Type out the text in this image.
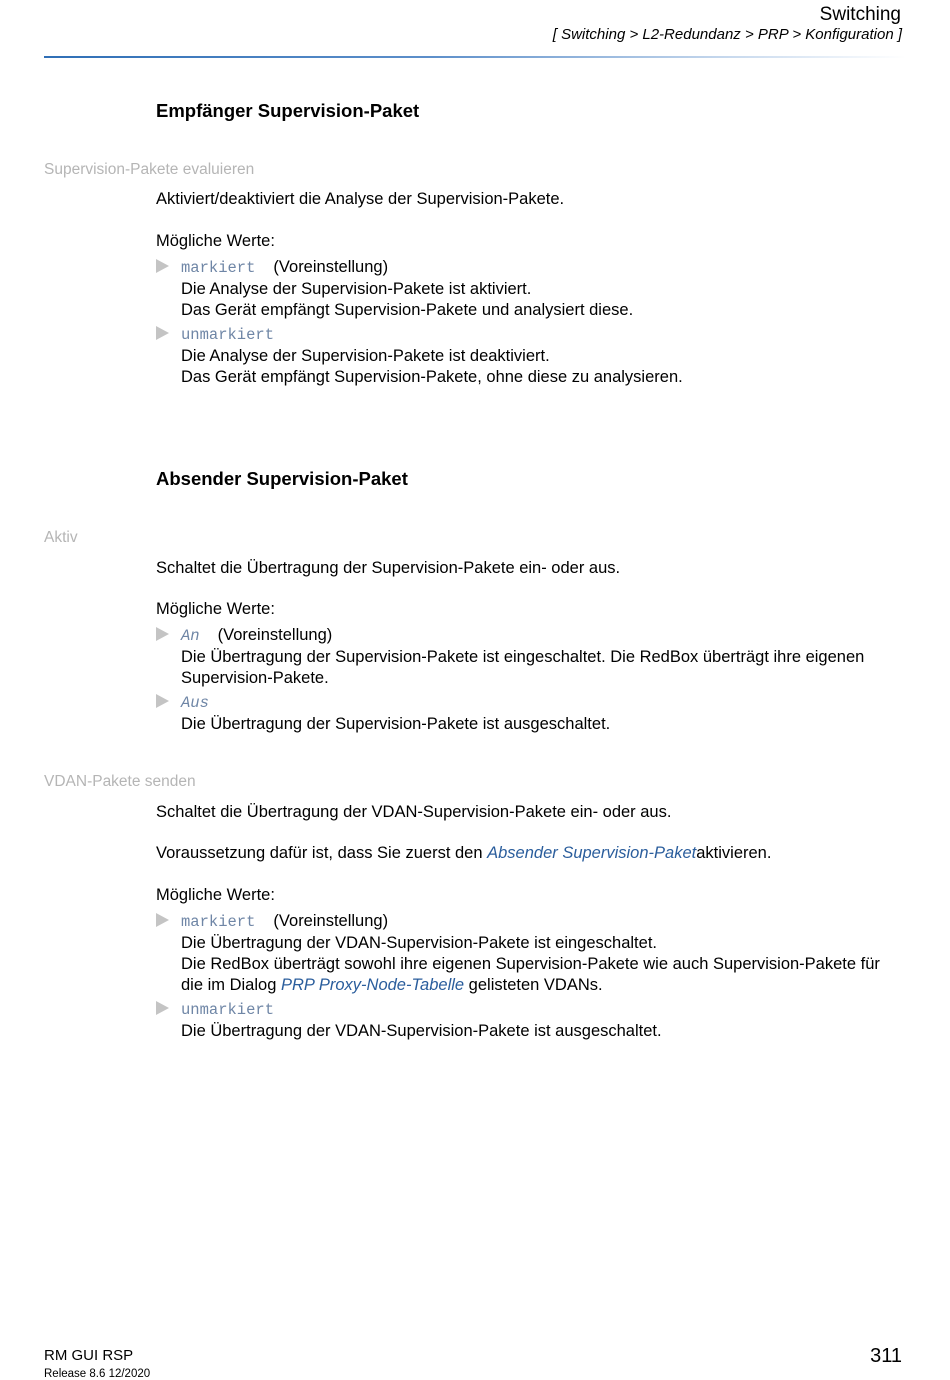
Switching
[ Switching > L2-Redundanz > PRP > Konfiguration ]
Empfänger Supervision-Paket
Supervision-Pakete evaluieren
Aktiviert/deaktiviert die Analyse der Supervision-Pakete.
Mögliche Werte:
markiert (Voreinstellung)
Die Analyse der Supervision-Pakete ist aktiviert.
Das Gerät empfängt Supervision-Pakete und analysiert diese.
unmarkiert
Die Analyse der Supervision-Pakete ist deaktiviert.
Das Gerät empfängt Supervision-Pakete, ohne diese zu analysieren.
Absender Supervision-Paket
Aktiv
Schaltet die Übertragung der Supervision-Pakete ein- oder aus.
Mögliche Werte:
An (Voreinstellung)
Die Übertragung der Supervision-Pakete ist eingeschaltet. Die RedBox überträgt ihre eigenen
Supervision-Pakete.
Aus
Die Übertragung der Supervision-Pakete ist ausgeschaltet.
VDAN-Pakete senden
Schaltet die Übertragung der VDAN-Supervision-Pakete ein- oder aus.
Voraussetzung dafür ist, dass Sie zuerst den Absender Supervision-Paketaktivieren.
Mögliche Werte:
markiert (Voreinstellung)
Die Übertragung der VDAN-Supervision-Pakete ist eingeschaltet.
Die RedBox überträgt sowohl ihre eigenen Supervision-Pakete wie auch Supervision-Pakete für
die im Dialog PRP Proxy-Node-Tabelle gelisteten VDANs.
unmarkiert
Die Übertragung der VDAN-Supervision-Pakete ist ausgeschaltet.
RM GUI RSP
Release 8.6 12/2020
311
